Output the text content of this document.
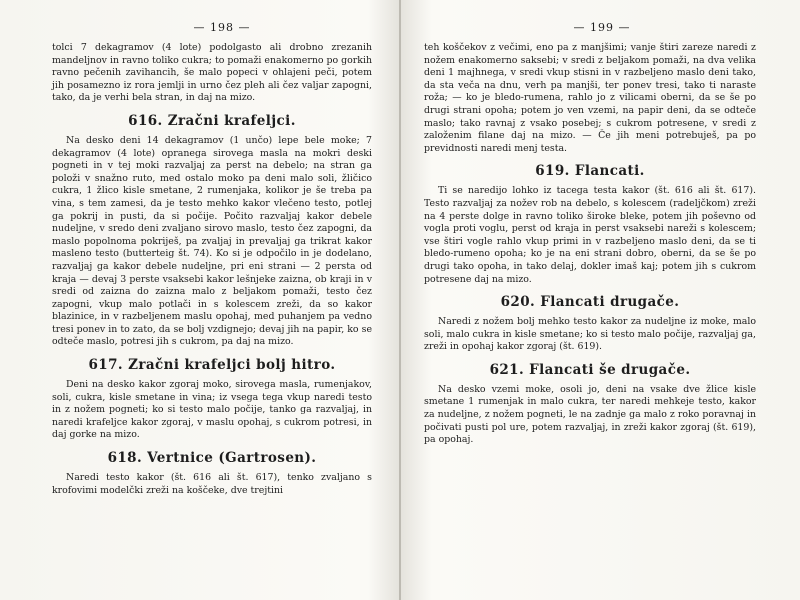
— 198 —

tolci 7 dekagramov (4 lote) podolgasto ali drobno zrezanih mandeljnov in ravno toliko cukra; to pomaži enakomerno po gorkih ravno pečenih zavihancih, še malo popeci v ohlajeni peči, potem jih posamezno iz rora jemlji in urno čez pleh ali čez valjar zapogni, tako, da je verhi bela stran, in daj na mizo.

616. Zračni krafeljci.

Na desko deni 14 dekagramov (1 unčo) lepe bele moke; 7 dekagramov (4 lote) opranega sirovega masla na mokri deski pogneti in v tej moki razvaljaj za perst na debelo; na stran ga položi v snažno ruto, med ostalo moko pa deni malo soli, žličico cukra, 1 žlico kisle smetane, 2 rumenjaka, kolikor je še treba pa vina, s tem zamesi, da je testo mehko kakor vlečeno testo, potlej ga pokrij in pusti, da si počije. Počito razvaljaj kakor debele nudeljne, v sredo deni zvaljano sirovo maslo, testo čez zapogni, da maslo popolnoma pokriješ, pa zvaljaj in prevaljaj ga trikrat kakor masleno testo (butterteig št. 74). Ko si je odpočilo in je dodelano, razvaljaj ga kakor debele nudeljne, pri eni strani — 2 persta od kraja — devaj 3 perste vsaksebi kakor lešnjeke zaizna, ob kraji in v sredi od zaizna do zaizna malo z beljakom pomaži, testo čez zapogni, vkup malo potlači in s kolescem zreži, da so kakor blazinice, in v razbeljenem maslu opohaj, med puhanjem pa vedno tresi ponev in to zato, da se bolj vzdignejo; devaj jih na papir, ko se odteče maslo, potresi jih s cukrom, pa daj na mizo.

617. Zračni krafeljci bolj hitro.

Deni na desko kakor zgoraj moko, sirovega masla, rumenjakov, soli, cukra, kisle smetane in vina; iz vsega tega vkup naredi testo in z nožem pogneti; ko si testo malo počije, tanko ga razvaljaj, in naredi krafeljce kakor zgoraj, v maslu opohaj, s cukrom potresi, in daj gorke na mizo.

618. Vertnice (Gartrosen).

Naredi testo kakor (št. 616 ali št. 617), tenko zvaljano s krofovimi modelčki zreži na koščeke, dve trejtini

— 199 —

teh koščekov z večimi, eno pa z manjšimi; vanje štiri zareze naredi z nožem enakomerno saksebi; v sredi z beljakom pomaži, na dva velika deni 1 majhnega, v sredi vkup stisni in v razbeljeno maslo deni tako, da sta veča na dnu, verh pa manjši, ter ponev tresi, tako ti naraste roža; — ko je bledo-rumena, rahlo jo z vilicami oberni, da se še po drugi strani opoha; potem jo ven vzemi, na papir deni, da se odteče maslo; tako ravnaj z vsako posebej; s cukrom potresene, v sredi z založenim filane daj na mizo. — Če jih meni potrebuješ, pa po previdnosti naredi menj testa.

619. Flancati.

Ti se naredijo lohko iz tacega testa kakor (št. 616 ali št. 617). Testo razvaljaj za nožev rob na debelo, s kolescem (radeljčkom) zreži na 4 perste dolge in ravno toliko široke bleke, potem jih poševno od vogla proti voglu, perst od kraja in perst vsaksebi nareži s kolescem; vse štiri vogle rahlo vkup primi in v razbeljeno maslo deni, da se ti bledo-rumeno opoha; ko je na eni strani dobro, oberni, da se še po drugi tako opoha, in tako delaj, dokler imaš kaj; potem jih s cukrom potresene daj na mizo.

620. Flancati drugače.

Naredi z nožem bolj mehko testo kakor za nudeljne iz moke, malo soli, malo cukra in kisle smetane; ko si testo malo počije, razvaljaj ga, zreži in opohaj kakor zgoraj (št. 619).

621. Flancati še drugače.

Na desko vzemi moke, osoli jo, deni na vsake dve žlice kisle smetane 1 rumenjak in malo cukra, ter naredi mehkeje testo, kakor za nudeljne, z nožem pogneti, le na zadnje ga malo z roko poravnaj in počivati pusti pol ure, potem razvaljaj, in zreži kakor zgoraj (št. 619), pa opohaj.
